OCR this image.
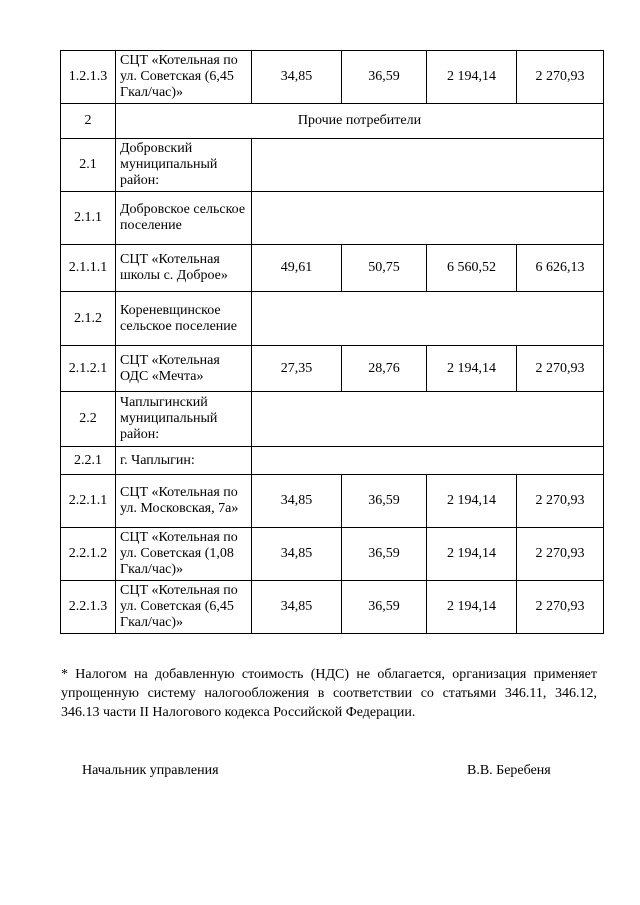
1.2.1.3	СЦТ «Котельная по ул. Советская (6,45 Гкал/час)»	34,85	36,59	2 194,14	2 270,93
2	Прочие потребители				
2.1	Добровский муниципальный район:				
2.1.1	Добровское сельское поселение				
2.1.1.1	СЦТ «Котельная школы с. Доброе»	49,61	50,75	6 560,52	6 626,13
2.1.2	Кореневщинское сельское поселение				
2.1.2.1	СЦТ «Котельная ОДС «Мечта»	27,35	28,76	2 194,14	2 270,93
2.2	Чаплыгинский муниципальный район:				
2.2.1	г. Чаплыгин:				
2.2.1.1	СЦТ «Котельная по ул. Московская, 7а»	34,85	36,59	2 194,14	2 270,93
2.2.1.2	СЦТ «Котельная по ул. Советская (1,08 Гкал/час)»	34,85	36,59	2 194,14	2 270,93
2.2.1.3	СЦТ «Котельная по ул. Советская (6,45 Гкал/час)»	34,85	36,59	2 194,14	2 270,93
* Налогом на добавленную стоимость (НДС) не облагается, организация применяет упрощенную систему налогообложения в соответствии со статьями 346.11, 346.12, 346.13 части II Налогового кодекса Российской Федерации.
Начальник управления	В.В. Беребеня
